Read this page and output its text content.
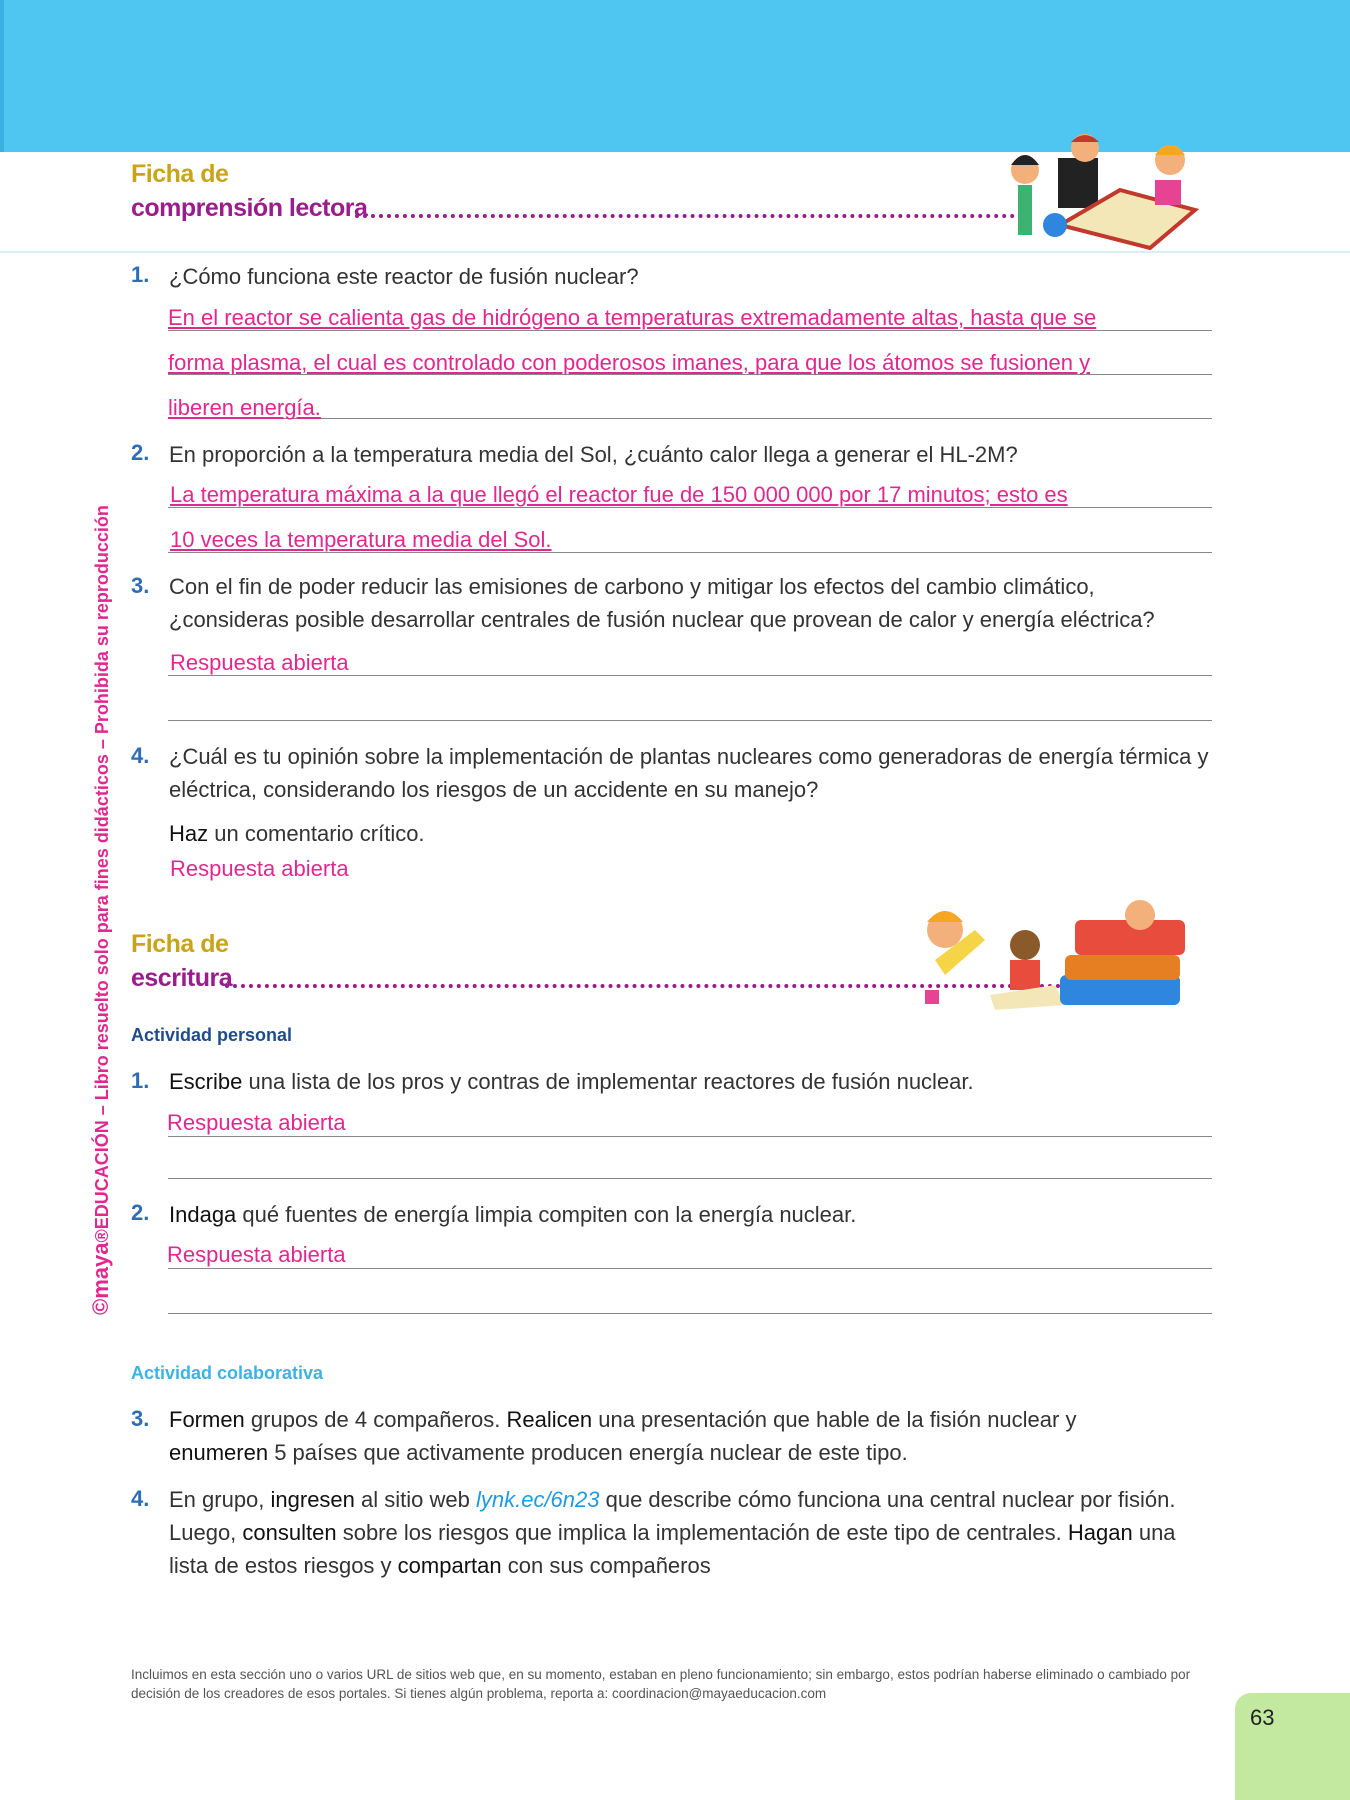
Ficha de
comprensión lectora
1. ¿Cómo funciona este reactor de fusión nuclear?
En el reactor se calienta gas de hidrógeno a temperaturas extremadamente altas, hasta que se
forma plasma, el cual es controlado con poderosos imanes, para que los átomos se fusionen y
liberen energía.
2. En proporción a la temperatura media del Sol, ¿cuánto calor llega a generar el HL-2M?
La temperatura máxima a la que llegó el reactor fue de 150 000 000 por 17 minutos; esto es
10 veces la temperatura media del Sol.
3. Con el fin de poder reducir las emisiones de carbono y mitigar los efectos del cambio climático, ¿consideras posible desarrollar centrales de fusión nuclear que provean de calor y energía eléctrica?
Respuesta abierta
4. ¿Cuál es tu opinión sobre la implementación de plantas nucleares como generadoras de energía térmica y eléctrica, considerando los riesgos de un accidente en su manejo?
Haz un comentario crítico.
Respuesta abierta
Ficha de
escritura
Actividad personal
1. Escribe una lista de los pros y contras de implementar reactores de fusión nuclear.
Respuesta abierta
2. Indaga qué fuentes de energía limpia compiten con la energía nuclear.
Respuesta abierta
Actividad colaborativa
3. Formen grupos de 4 compañeros. Realicen una presentación que hable de la fisión nuclear y enumeren 5 países que activamente producen energía nuclear de este tipo.
4. En grupo, ingresen al sitio web lynk.ec/6n23 que describe cómo funciona una central nuclear por fisión. Luego, consulten sobre los riesgos que implica la implementación de este tipo de centrales. Hagan una lista de estos riesgos y compartan con sus compañeros
©maya®EDUCACIÓN – Libro resuelto solo para fines didácticos – Prohibida su reproducción
Incluimos en esta sección uno o varios URL de sitios web que, en su momento, estaban en pleno funcionamiento; sin embargo, estos podrían haberse eliminado o cambiado por decisión de los creadores de esos portales. Si tienes algún problema, reporta a: coordinacion@mayaeducacion.com
63
